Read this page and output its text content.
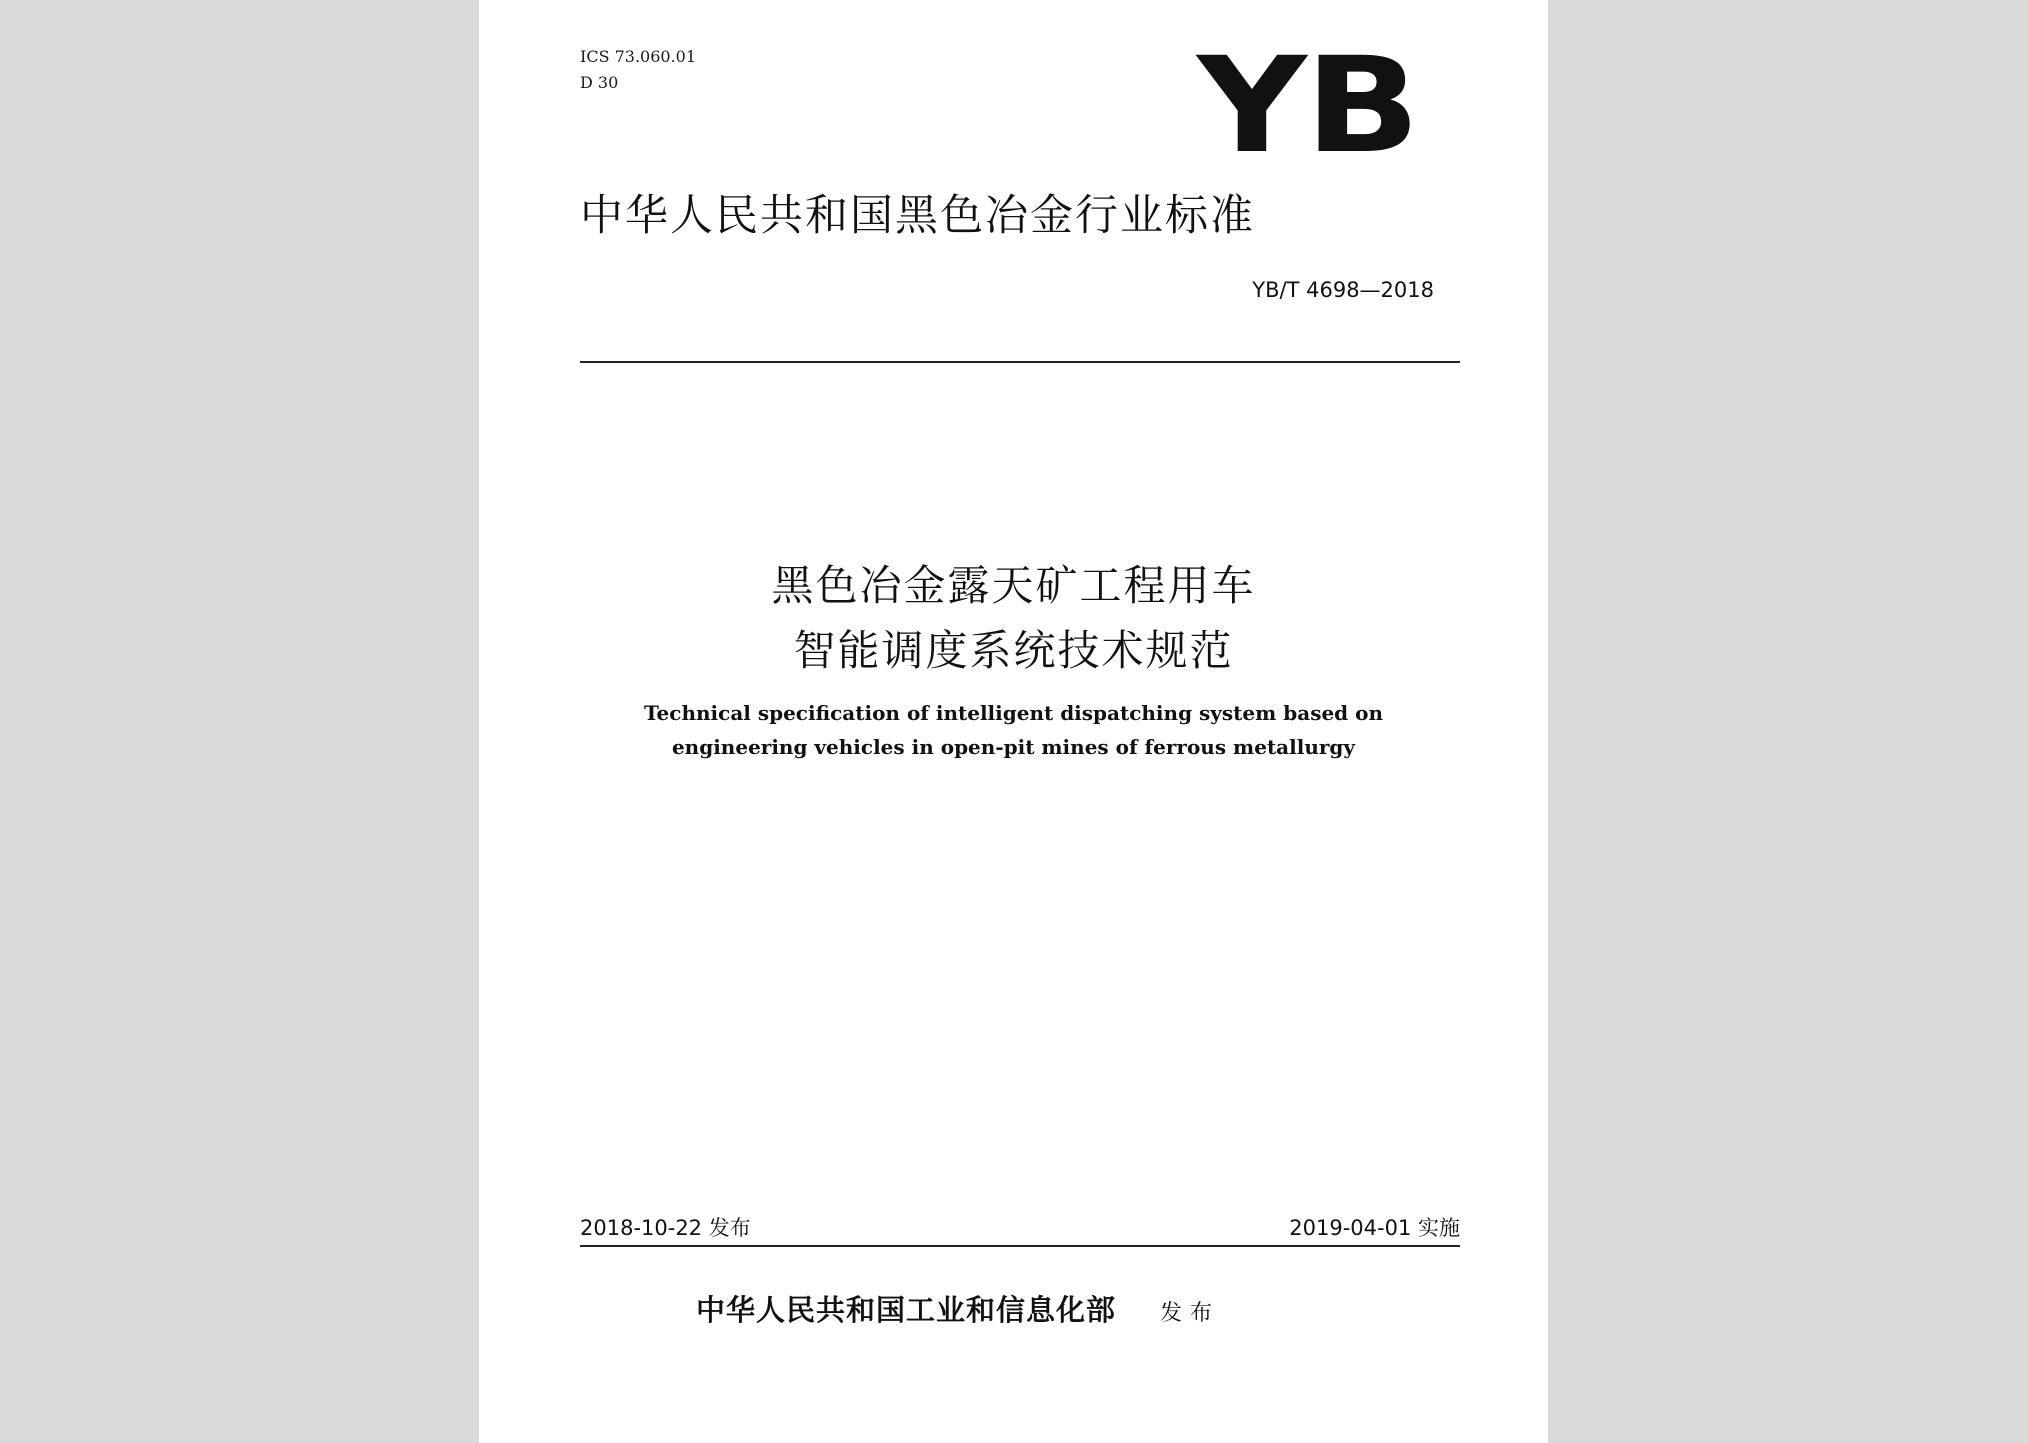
ICS 73.060.01
D 30	YB
中华人民共和国黑色冶金行业标准
YB/T 4698—2018
黑色冶金露天矿工程用车
智能调度系统技术规范
Technical specification of intelligent dispatching system based on
engineering vehicles in open-pit mines of ferrous metallurgy
2018-10-22 发布	2019-04-01 实施
中华人民共和国工业和信息化部 发布
